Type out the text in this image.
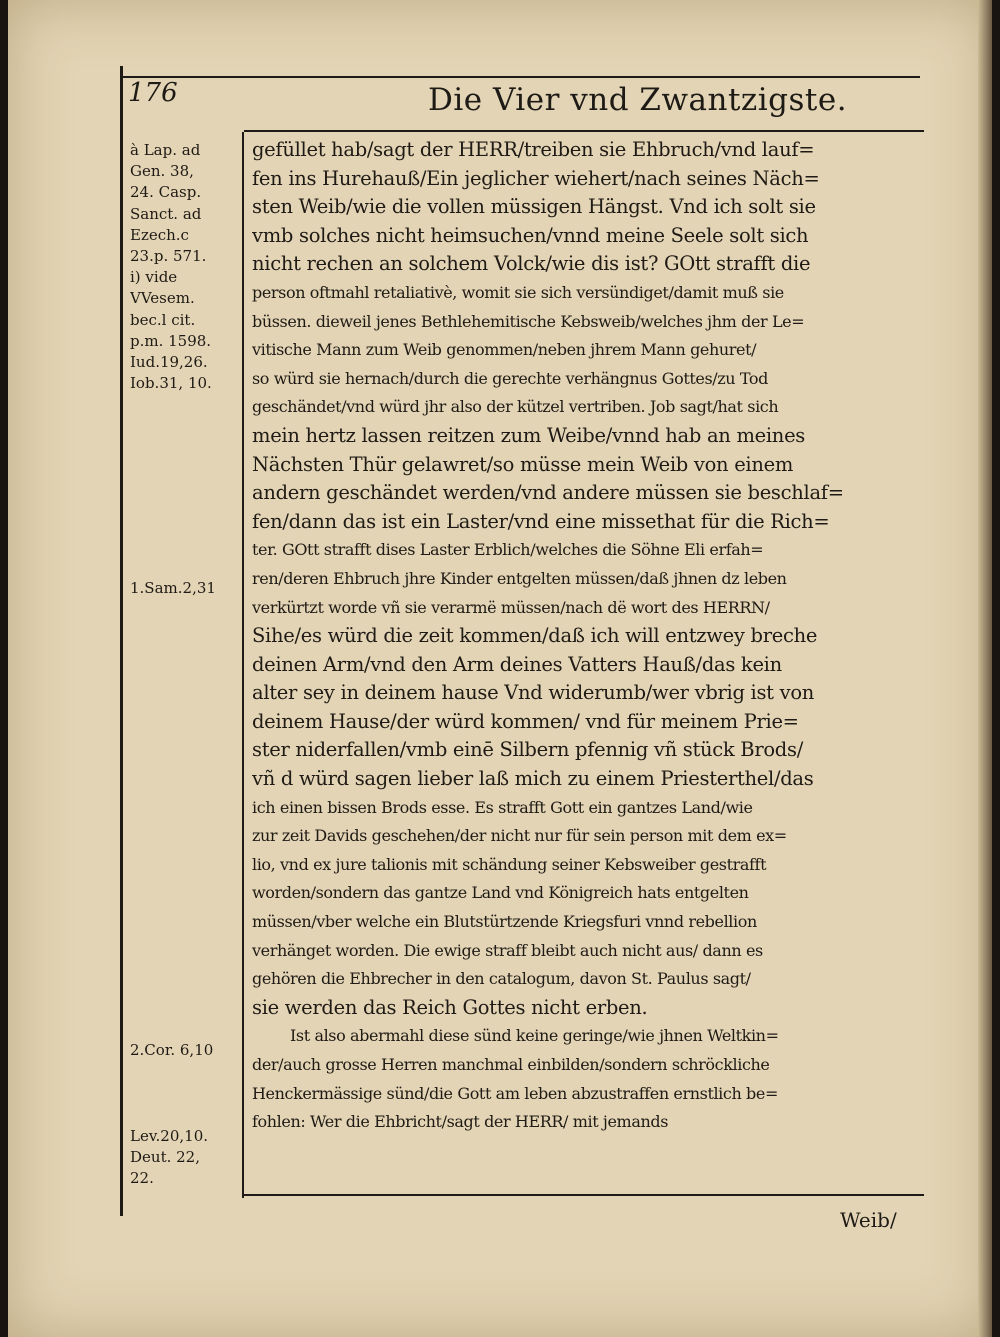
176	Die Vier vnd Zwantzigste.
à Lap. ad
Gen. 38,
24. Casp.
Sanct. ad
Ezech.c
23.p. 571.
i) vide
VVesem.
bec.l cit.
p.m. 1598.
Iud.19,26.
Iob.31, 10.
1.Sam.2,31
2.Cor. 6,10
Lev.20,10.
Deut. 22,
22.
gefüllet hab/sagt der HERR/treiben sie Ehbruch/vnd lauf=
fen ins Hurehauß/Ein jeglicher wiehert/nach seines Näch=
sten Weib/wie die vollen müssigen Hängst. Vnd ich solt sie
vmb solches nicht heimsuchen/vnnd meine Seele solt sich
nicht rechen an solchem Volck/wie dis ist? GOtt strafft die
person oftmahl retaliativè, womit sie sich versündiget/damit muß sie
büssen. dieweil jenes Bethlehemitische Kebsweib/welches jhm der Le=
vitische Mann zum Weib genommen/neben jhrem Mann gehuret/
so würd sie hernach/durch die gerechte verhängnus Gottes/zu Tod
geschändet/vnd würd jhr also der kützel vertriben. Job sagt/hat sich
mein hertz lassen reitzen zum Weibe/vnnd hab an meines
Nächsten Thür gelawret/so müsse mein Weib von einem
andern geschändet werden/vnd andere müssen sie beschlaf=
fen/dann das ist ein Laster/vnd eine missethat für die Rich=
ter. GOtt strafft dises Laster Erblich/welches die Söhne Eli erfah=
ren/deren Ehbruch jhre Kinder entgelten müssen/daß jhnen dz leben
verkürtzt worde vñ sie verarmë müssen/nach dë wort des HERRN/
Sihe/es würd die zeit kommen/daß ich will entzwey breche
deinen Arm/vnd den Arm deines Vatters Hauß/das kein
alter sey in deinem hause Vnd widerumb/wer vbrig ist von
deinem Hause/der würd kommen/ vnd für meinem Prie=
ster niderfallen/vmb einē Silbern pfennig vñ stück Brods/
vñ d würd sagen lieber laß mich zu einem Priesterthel/das
ich einen bissen Brods esse. Es strafft Gott ein gantzes Land/wie
zur zeit Davids geschehen/der nicht nur für sein person mit dem ex=
lio, vnd ex jure talionis mit schändung seiner Kebsweiber gestrafft
worden/sondern das gantze Land vnd Königreich hats entgelten
müssen/vber welche ein Blutstürtzende Kriegsfuri vnnd rebellion
verhänget worden. Die ewige straff bleibt auch nicht aus/ dann es
gehören die Ehbrecher in den catalogum, davon St. Paulus sagt/
sie werden das Reich Gottes nicht erben.
Ist also abermahl diese sünd keine geringe/wie jhnen Weltkin=
der/auch grosse Herren manchmal einbilden/sondern schröckliche
Henckermässige sünd/die Gott am leben abzustraffen ernstlich be=
fohlen: Wer die Ehbricht/sagt der HERR/ mit jemands
Weib/
